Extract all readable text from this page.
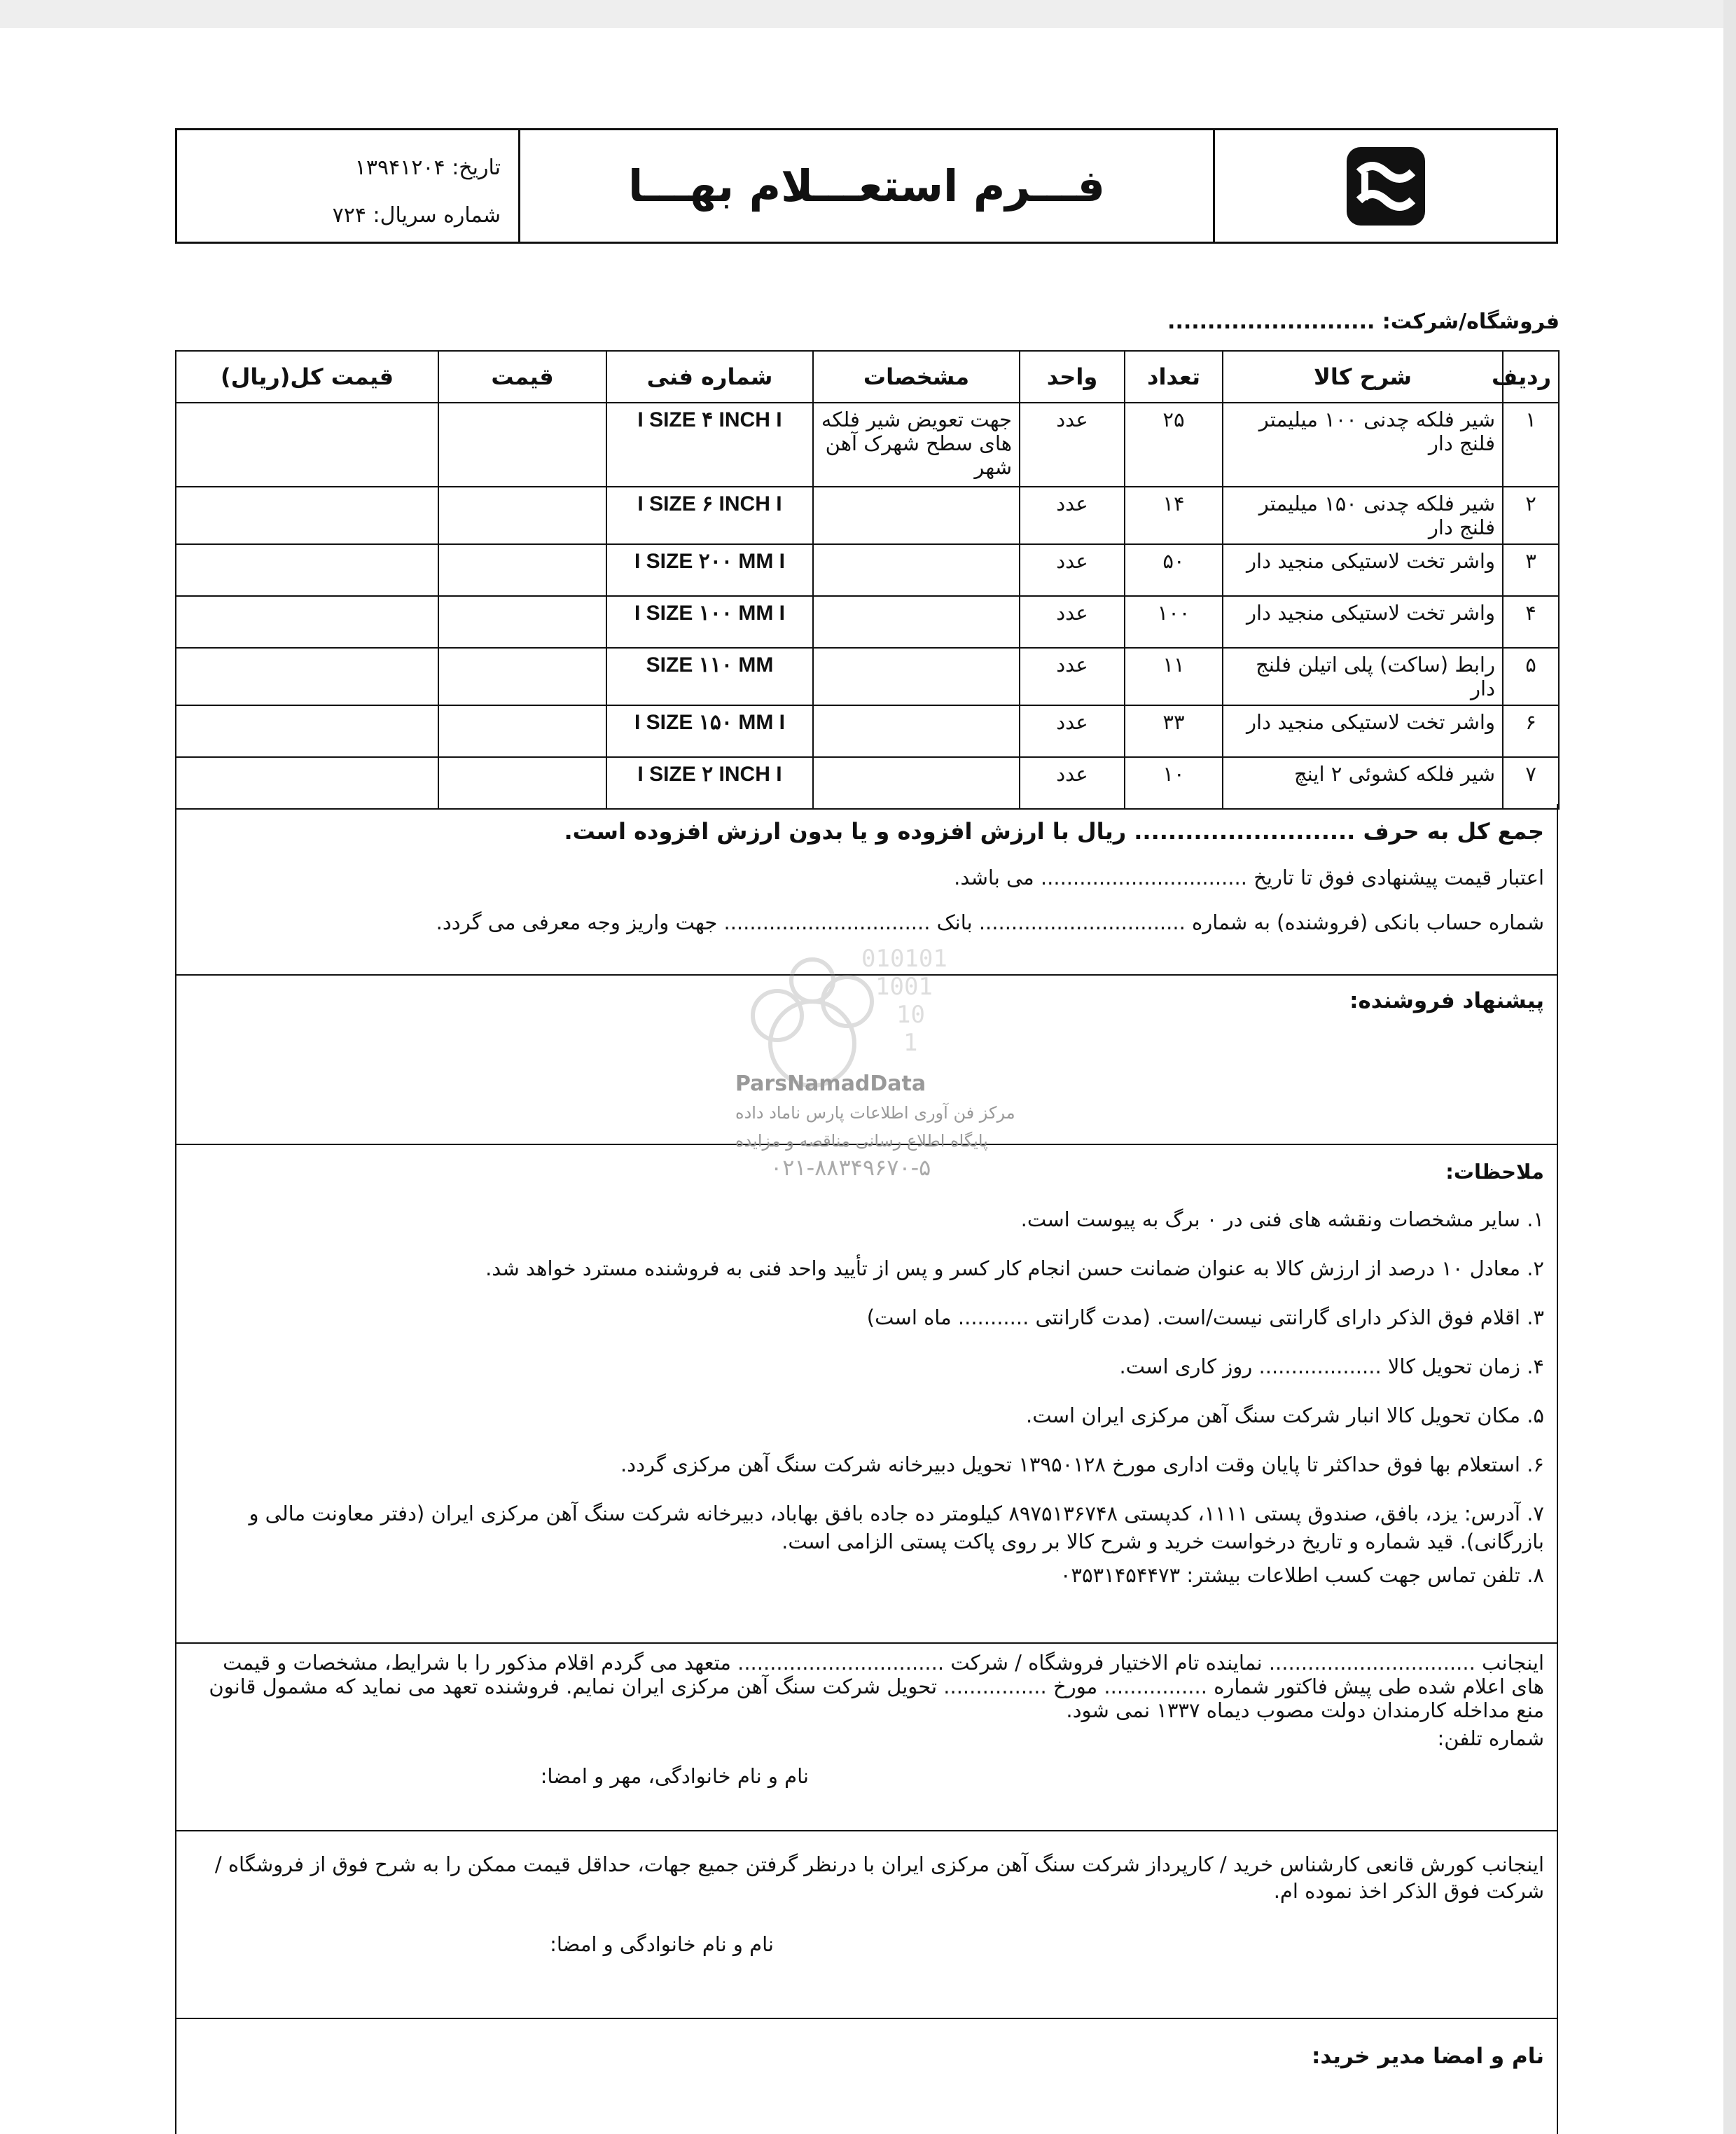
تاریخ: ۱۳۹۴۱۲۰۴
شماره سریال: ۷۲۴
فـــرم استعـــلام بهـــا
فروشگاه/شرکت: ..........................
ردیف	شرح کالا	تعداد	واحد	مشخصات	شماره فنی	قیمت	قیمت کل(ریال)
۱	شیر فلکه چدنی ۱۰۰ میلیمتر فلنج دار	۲۵	عدد	جهت تعویض شیر فلکه های سطح شهرک آهن شهر	I SIZE ۴ INCH I		
۲	شیر فلکه چدنی ۱۵۰ میلیمتر فلنج دار	۱۴	عدد		I SIZE ۶ INCH I		
۳	واشر تخت لاستیکی منجید دار	۵۰	عدد		I SIZE ۲۰۰ MM I		
۴	واشر تخت لاستیکی منجید دار	۱۰۰	عدد		I SIZE ۱۰۰ MM I		
۵	رابط (ساکت) پلی اتیلن فلنج دار	۱۱	عدد		SIZE ۱۱۰ MM		
۶	واشر تخت لاستیکی منجید دار	۳۳	عدد		I SIZE ۱۵۰ MM I		
۷	شیر فلکه کشوئی ۲ اینچ	۱۰	عدد		I SIZE ۲ INCH I		
جمع کل به حرف .......................... ریال با ارزش افزوده و یا بدون ارزش افزوده است.
اعتبار قیمت پیشنهادی فوق تا تاریخ ................................ می باشد.
شماره حساب بانکی (فروشنده) به شماره ................................ بانک ................................ جهت واریز وجه معرفی می گردد.
010101
1001
10
1
پیشنهاد فروشنده:
ParsNamadData
مرکز فن آوری اطلاعات پارس ناماد داده
پایگاه اطلاع رسانی مناقصه و مزایده
۰۲۱-۸۸۳۴۹۶۷۰-۵	ملاحظات:

۱. سایر مشخصات ونقشه های فنی در ۰ برگ به پیوست است.

۲. معادل ۱۰ درصد از ارزش کالا به عنوان ضمانت حسن انجام کار کسر و پس از تأیید واحد فنی به فروشنده مسترد خواهد شد.

۳. اقلام فوق الذکر دارای گارانتی نیست/است. (مدت گارانتی ........... ماه است)

۴. زمان تحویل کالا ................... روز کاری است.

۵. مکان تحویل کالا انبار شرکت سنگ آهن مرکزی ایران است.

۶. استعلام بها فوق حداکثر تا پایان وقت اداری مورخ ۱۳۹۵۰۱۲۸ تحویل دبیرخانه شرکت سنگ آهن مرکزی گردد.

۷. آدرس: یزد، بافق، صندوق پستی ۱۱۱۱، کدپستی ۸۹۷۵۱۳۶۷۴۸ کیلومتر ده جاده بافق بهاباد، دبیرخانه شرکت سنگ آهن مرکزی ایران (دفتر معاونت مالی و بازرگانی). قید شماره و تاریخ درخواست خرید و شرح کالا بر روی پاکت پستی الزامی است.

۸. تلفن تماس جهت کسب اطلاعات بیشتر: ۰۳۵۳۱۴۵۴۴۷۳

اینجانب ................................ نماینده تام الاختیار فروشگاه / شرکت ................................ متعهد می گردم اقلام مذکور را با شرایط، مشخصات و قیمت های اعلام شده طی پیش فاکتور شماره ................ مورخ ................ تحویل شرکت سنگ آهن مرکزی ایران نمایم. فروشنده تعهد می نماید که مشمول قانون منع مداخله کارمندان دولت مصوب دیماه ۱۳۳۷ نمی شود.
شماره تلفن:
نام و نام خانوادگی، مهر و امضا:
اینجانب کورش قانعی کارشناس خرید / کارپرداز شرکت سنگ آهن مرکزی ایران با درنظر گرفتن جمیع جهات، حداقل قیمت ممکن را به شرح فوق از فروشگاه / شرکت فوق الذکر اخذ نموده ام.
نام و نام خانوادگی و امضا:
نام و امضا مدیر خرید:
